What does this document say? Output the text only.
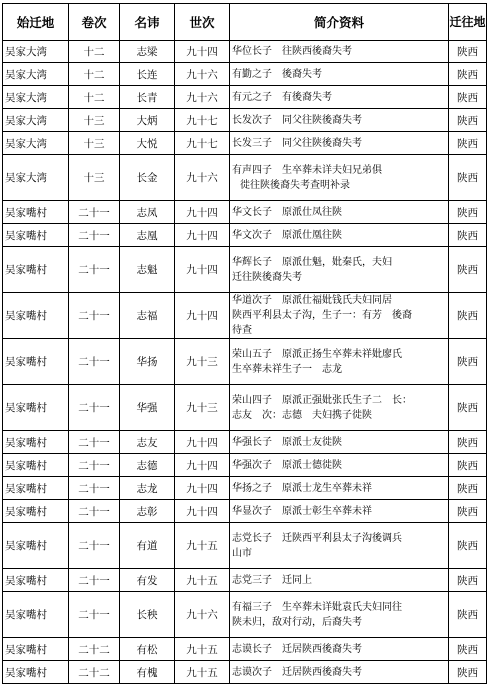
始迁地	卷次	名讳	世次	简介资料	迁往地
吴家大湾	十二	志梁	九十四	华位长子　往陕西後裔失考	陕西
吴家大湾	十二	长连	九十六	有勤之子　後裔失考	陕西
吴家大湾	十二	长青	九十六	有元之子　有後裔失考	陕西
吴家大湾	十三	大炳	九十七	长发次子　同父往陕後裔失考	陕西
吴家大湾	十三	大悦	九十七	长发三子　同父往陕後裔失考	陕西
吴家大湾	十三	长金	九十六	有声四子　生卒葬未详夫妇兄弟俱
徙往陕後裔失考查明补录	陕西
吴家嘴村	二十一	志凤	九十四	华文长子　原派仕凤往陕	陕西
吴家嘴村	二十一	志凰	九十四	华文次子　原派仕凰往陕	陕西
吴家嘴村	二十一	志魁	九十四	华辉长子　原派仕魁，妣秦氏，夫妇
迁往陕後裔失考	陕西
吴家嘴村	二十一	志福	九十四	华道次子　原派仕福妣钱氏夫妇同居
陕西平利县太子沟，生子一：有芳　後裔
待查	陕西
吴家嘴村	二十一	华扬	九十三	荣山五子　原派正扬生卒葬未祥妣廖氏
生卒葬未祥生子一　志龙	陕西
吴家嘴村	二十一	华强	九十三	荣山四子　原派正强妣张氏生子二　长：
志友　次：志德　夫妇携子徙陕	陕西
吴家嘴村	二十一	志友	九十四	华强长子　原派士友徙陕	陕西
吴家嘴村	二十一	志德	九十四	华强次子　原派士德徙陕	陕西
吴家嘴村	二十一	志龙	九十四	华扬之子　原派士龙生卒葬未祥	陕西
吴家嘴村	二十一	志彰	九十四	华显次子　原派士彰生卒葬未祥	陕西
吴家嘴村	二十一	有道	九十五	志党长子　迁陕西平利县太子沟後调兵
山市	陕西
吴家嘴村	二十一	有发	九十五	志党三子　迁同上	陕西
吴家嘴村	二十一	长秧	九十六	有福三子　生卒葬未详妣袁氏夫妇同往
陕未归，敌对行动，后裔失考	陕西
吴家嘴村	二十二	有松	九十五	志谟长子　迁居陕西後裔失考	陕西
吴家嘴村	二十二	有槐	九十五	志谟次子　迁居陕西後裔失考	陕西
